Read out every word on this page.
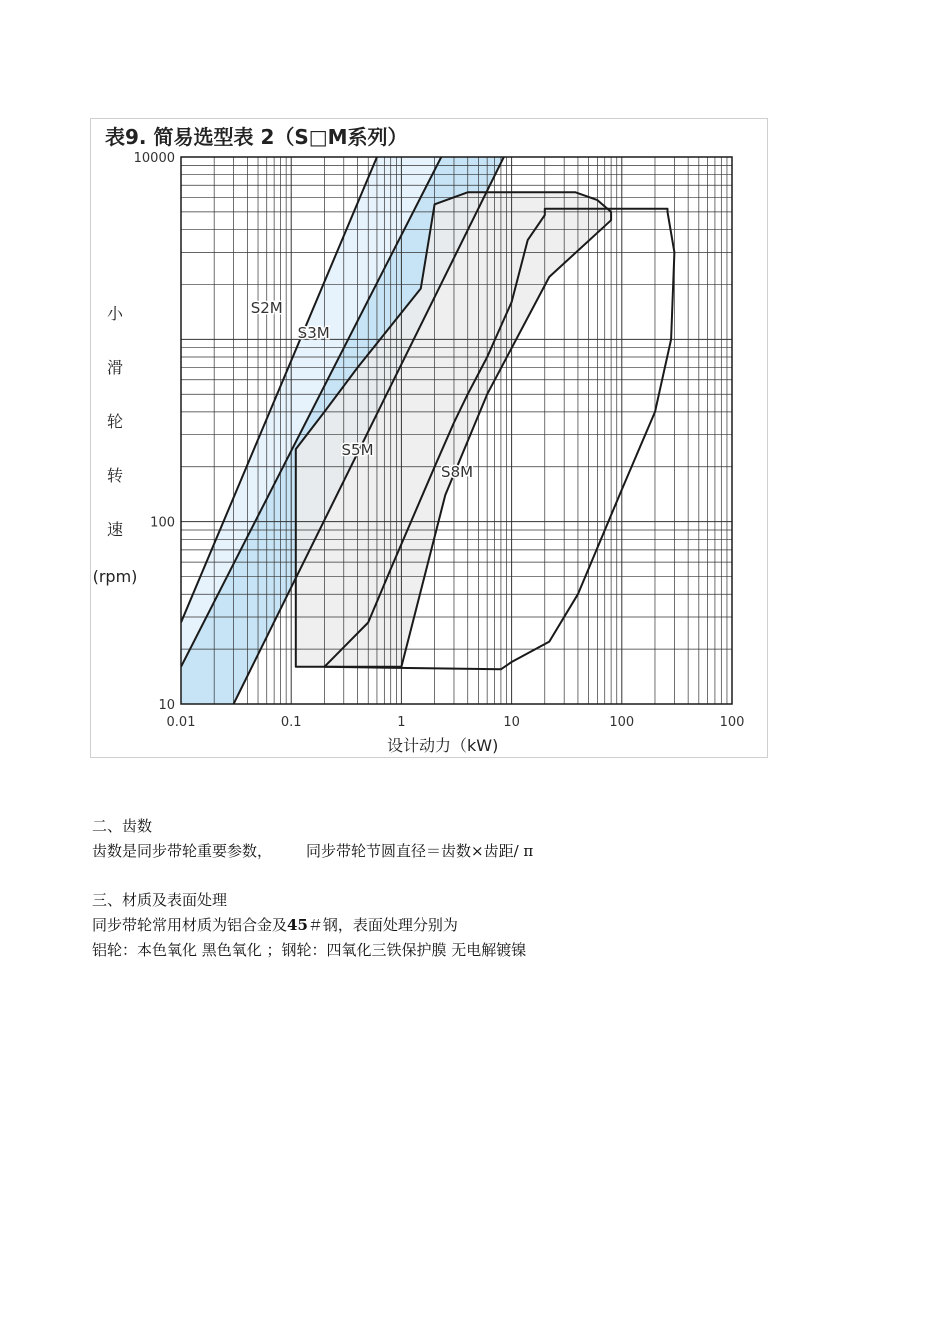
表9. 简易选型表 2（S□M系列）
小
滑
轮
转
速
(rpm)
S2M
S3M
S5M
S8M
0.01	0.1	1	10	100	100
10
100
10000
设计动力（kW)
二、齿数
齿数是同步带轮重要参数， 同步带轮节圆直径＝齿数×齿距/ π
三、材质及表面处理
同步带轮常用材质为铝合金及45＃钢，表面处理分别为
铝轮：本色氧化 黑色氧化 ；钢轮：四氧化三铁保护膜 无电解镀镍
